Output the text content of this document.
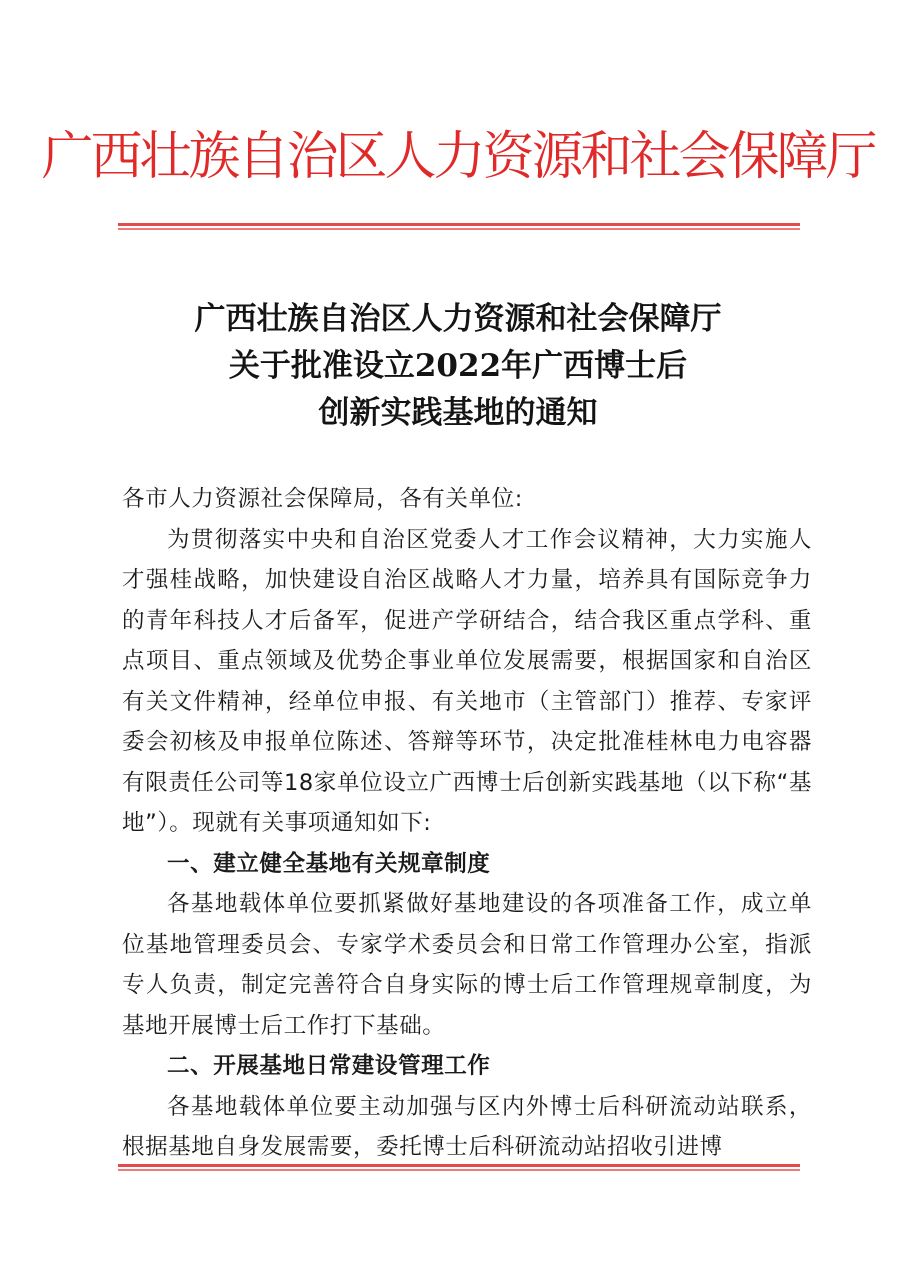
广西壮族自治区人力资源和社会保障厅
广西壮族自治区人力资源和社会保障厅
关于批准设立2022年广西博士后
创新实践基地的通知

各市人力资源社会保障局，各有关单位:

为贯彻落实中央和自治区党委人才工作会议精神，大力实施人才强桂战略，加快建设自治区战略人才力量，培养具有国际竞争力的青年科技人才后备军，促进产学研结合，结合我区重点学科、重点项目、重点领域及优势企事业单位发展需要，根据国家和自治区有关文件精神，经单位申报、有关地市（主管部门）推荐、专家评委会初核及申报单位陈述、答辩等环节，决定批准桂林电力电容器有限责任公司等18家单位设立广西博士后创新实践基地（以下称“基地”）。现就有关事项通知如下:

一、建立健全基地有关规章制度

各基地载体单位要抓紧做好基地建设的各项准备工作，成立单位基地管理委员会、专家学术委员会和日常工作管理办公室，指派专人负责，制定完善符合自身实际的博士后工作管理规章制度，为基地开展博士后工作打下基础。

二、开展基地日常建设管理工作

各基地载体单位要主动加强与区内外博士后科研流动站联系，根据基地自身发展需要，委托博士后科研流动站招收引进博
